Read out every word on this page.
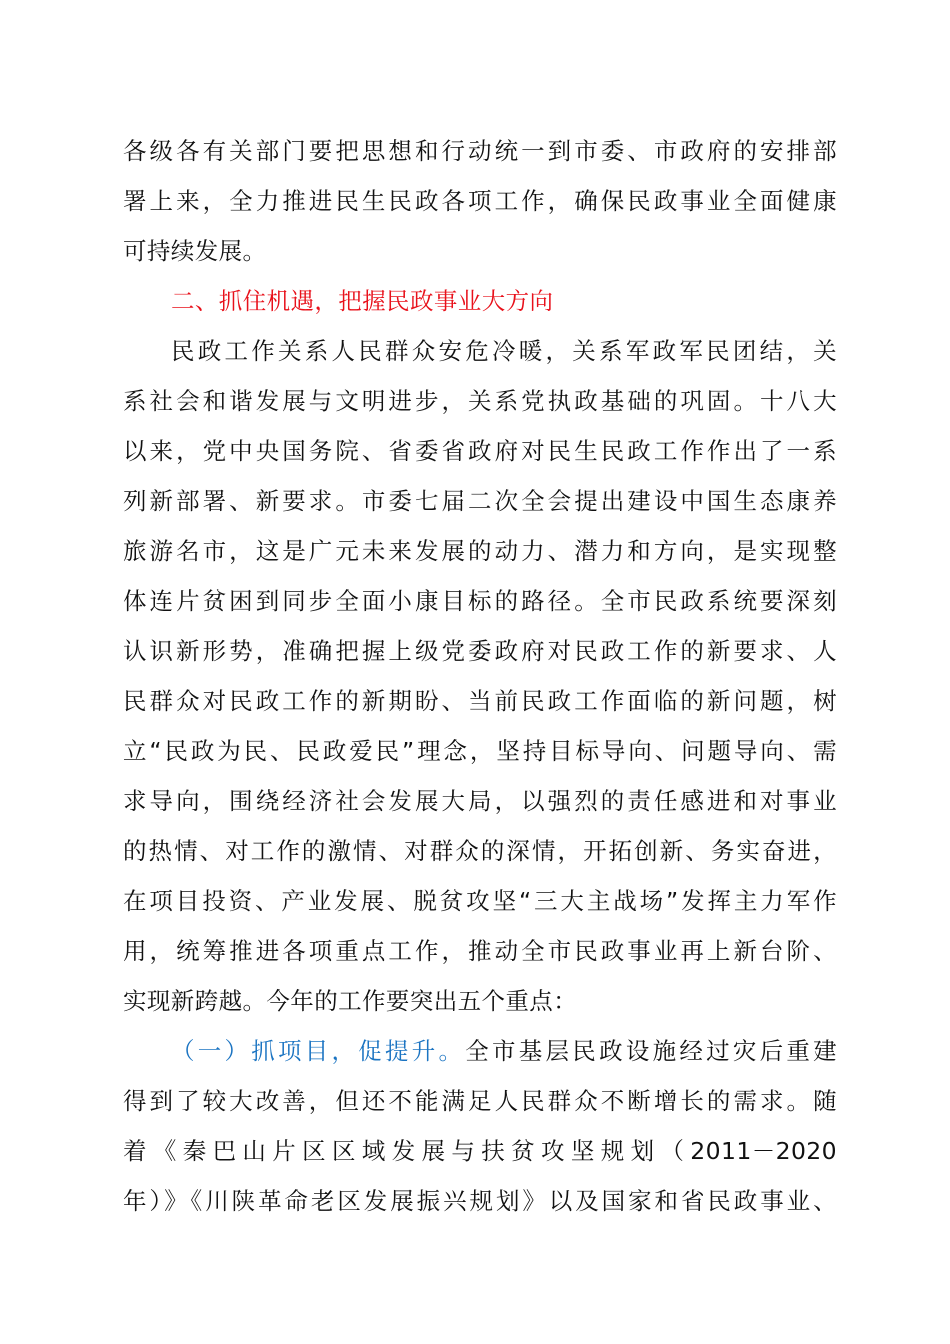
各级各有关部门要把思想和行动统一到市委、市政府的安排部
署上来，全力推进民生民政各项工作，确保民政事业全面健康
可持续发展。
二、抓住机遇，把握民政事业大方向
民政工作关系人民群众安危冷暖，关系军政军民团结，关
系社会和谐发展与文明进步，关系党执政基础的巩固。十八大
以来，党中央国务院、省委省政府对民生民政工作作出了一系
列新部署、新要求。市委七届二次全会提出建设中国生态康养
旅游名市，这是广元未来发展的动力、潜力和方向，是实现整
体连片贫困到同步全面小康目标的路径。全市民政系统要深刻
认识新形势，准确把握上级党委政府对民政工作的新要求、人
民群众对民政工作的新期盼、当前民政工作面临的新问题，树
立“民政为民、民政爱民”理念，坚持目标导向、问题导向、需
求导向，围绕经济社会发展大局，以强烈的责任感进和对事业
的热情、对工作的激情、对群众的深情，开拓创新、务实奋进，
在项目投资、产业发展、脱贫攻坚“三大主战场”发挥主力军作
用，统筹推进各项重点工作，推动全市民政事业再上新台阶、
实现新跨越。今年的工作要突出五个重点：
（一）抓项目，促提升。全市基层民政设施经过灾后重建
得到了较大改善，但还不能满足人民群众不断增长的需求。随
着《秦巴山片区区域发展与扶贫攻坚规划（2011－2020
年）》《川陕革命老区发展振兴规划》以及国家和省民政事业、
